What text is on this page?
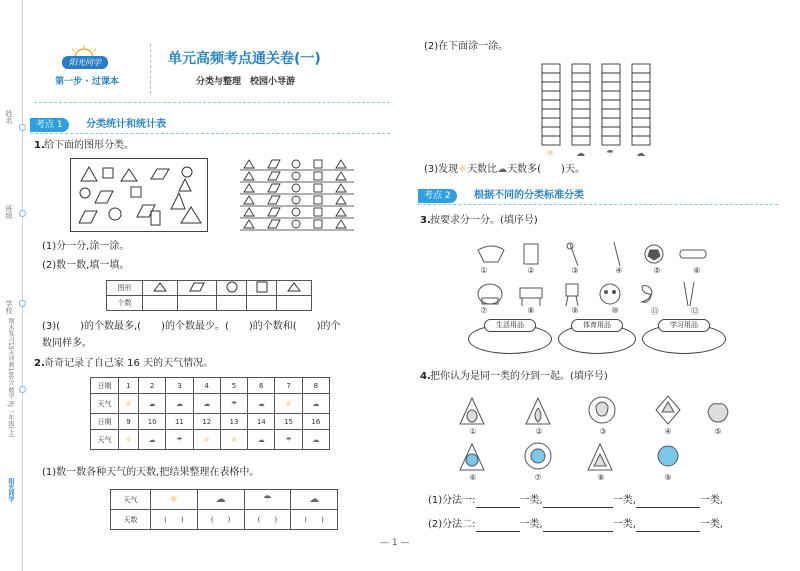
姓名
班级
学校
期末复习15天冲刺100分 数学 RJ 一年级(上)
阳光同学
阳光同学
第一步 · 过课本
单元高频考点通关卷(一)
分类与整理　校园小导游
考点 1	分类统计和统计表
1. 给下面的图形分类。
(1)分一分,涂一涂。
(2)数一数,填一填。
图形					
个数					
(3)(　　)的个数最多,(　　)的个数最少。(　　)的个数和(　　)的个
数同样多。
2. 奇奇记录了自己家 16 天的天气情况。
日期	1	2	3	4	5	6	7	8
天气	☼	☁	☁	☁	☂	☁	☼	☁
日期	9	10	11	12	13	14	15	16
天气	☼	☁	☂	☼	☼	☁	☂	☁
(1)数一数各种天气的天数,把结果整理在表格中。
天气	☼	☁	☂	☁
天数	(　　)	(　　)	(　　)	(　　)
(2)在下面涂一涂。
☼ ☁ ☂ ☁
(3)发现☼天数比☁天数多(　　)天。
考点 2	根据不同的分类标准分类
3. 按要求分一分。(填序号)
①	②	③	④	⑤	⑥
⑦	⑧	⑨	⑩	⑪	⑫
生活用品	体育用品	学习用品
4. 把你认为是同一类的分到一起。(填序号)
①	②	③	④	⑤
⑥	⑦	⑧	⑨
(1)分法一:	一类,	一类,	一类,
(2)分法二:	一类,	一类,	一类,
— 1 —
